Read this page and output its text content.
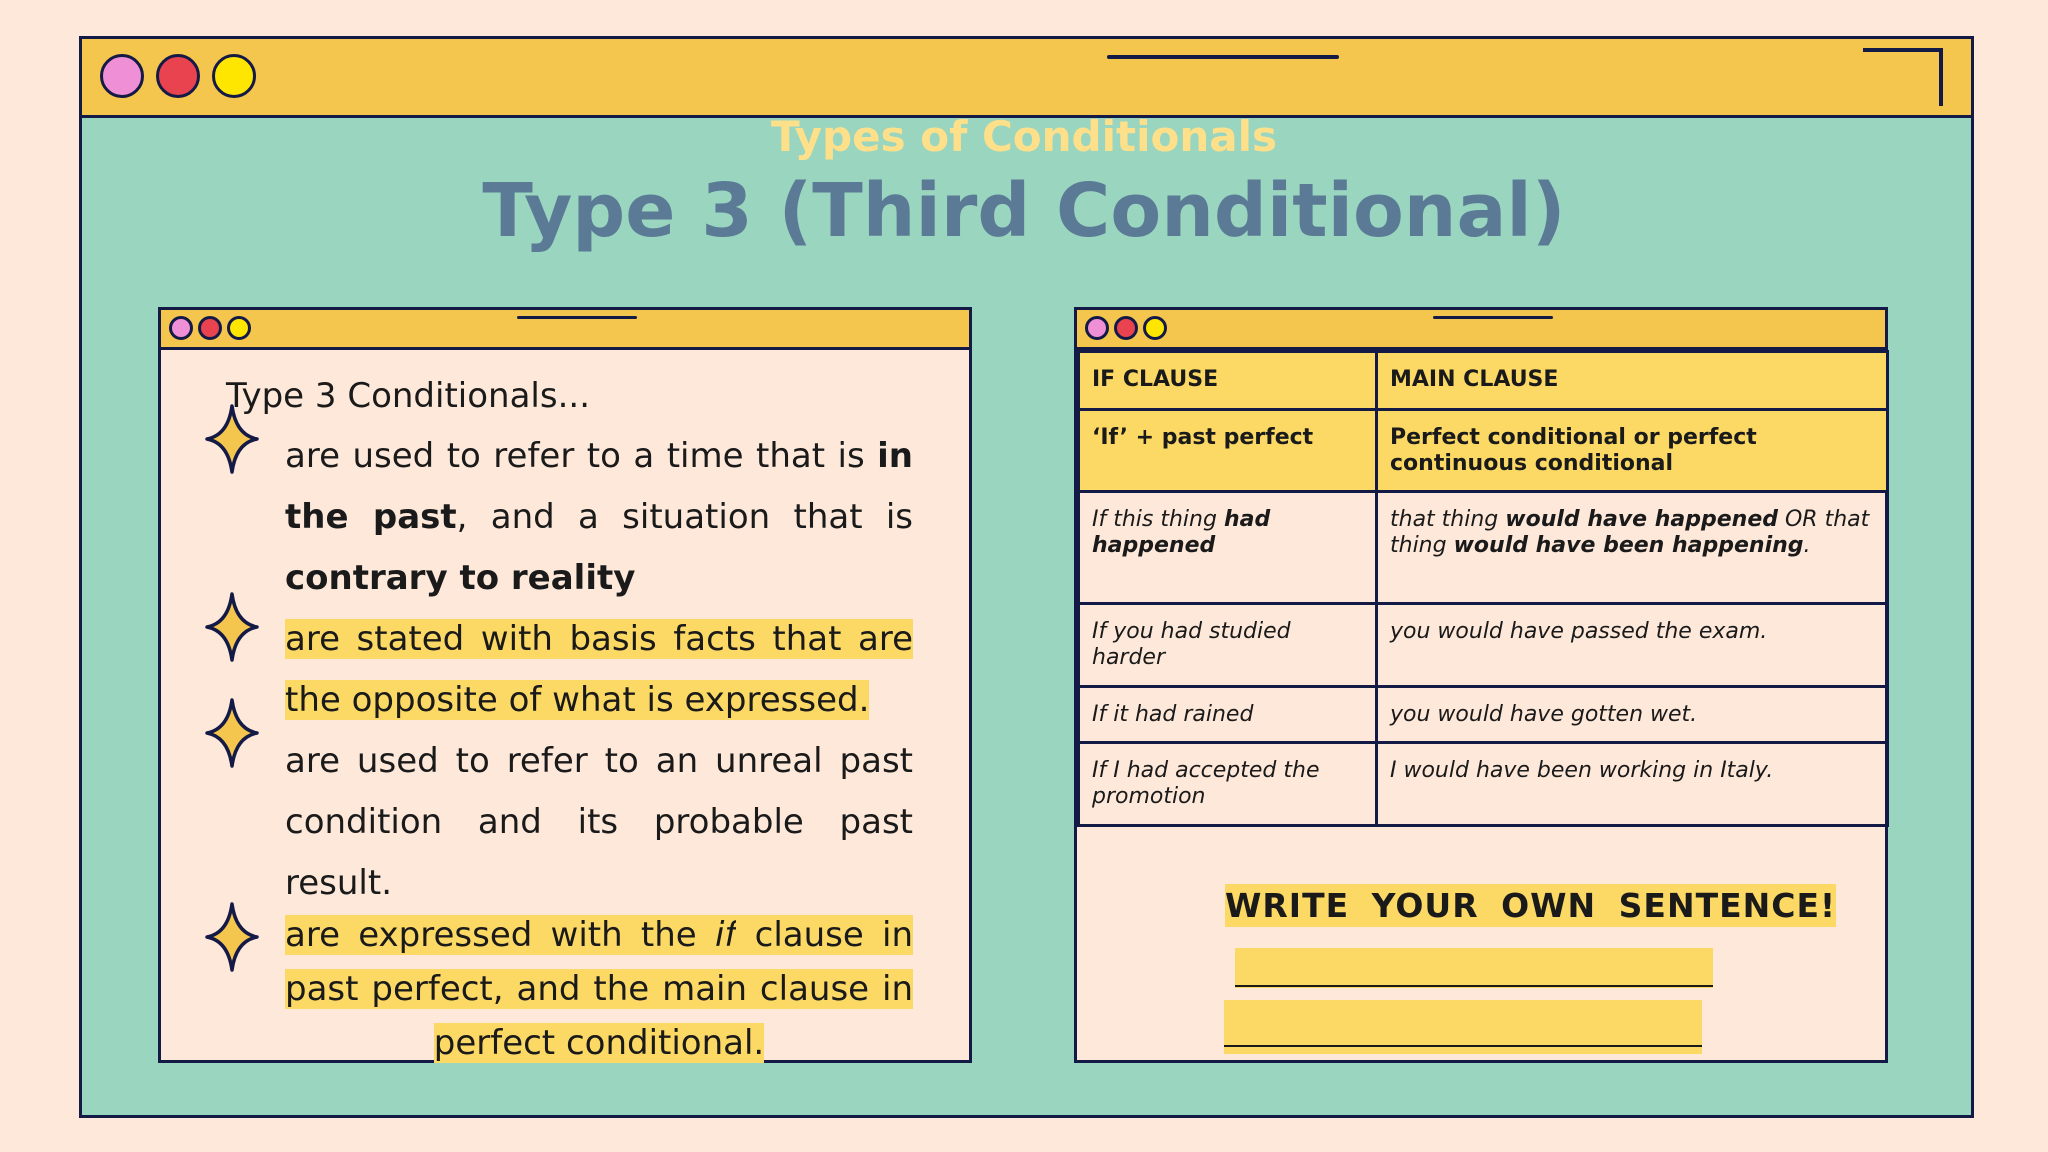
Types of Conditionals
Type 3 (Third Conditional)
Type 3 Conditionals...
are used to refer to a time that is in the past, and a situation that is contrary to reality
are stated with basis facts that are the opposite of what is expressed.
are used to refer to an unreal past condition and its probable past result.
are expressed with the if clause in past perfect, and the main clause in perfect conditional.
IF CLAUSE	MAIN CLAUSE
‘If’ + past perfect	Perfect conditional or perfect continuous conditional
If this thing had happened	that thing would have happened OR that thing would have been happening.
If you had studied harder	you would have passed the exam.
If it had rained	you would have gotten wet.
If I had accepted the promotion	I would have been working in Italy.
WRITE YOUR OWN SENTENCE!
